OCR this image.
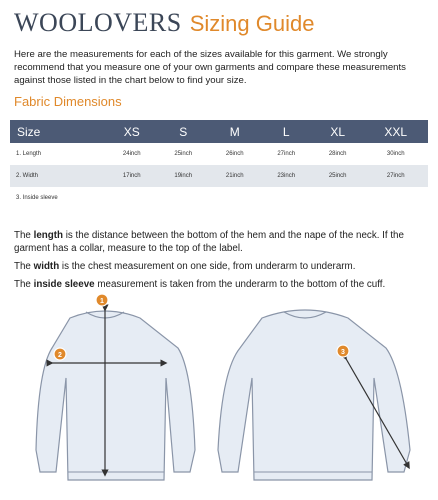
WOOLOVERS Sizing Guide
Here are the measurements for each of the sizes available for this garment. We strongly recommend that you measure one of your own garments and compare these measurements against those listed in the chart below to find your size.
Fabric Dimensions
Size	XS	S	M	L	XL	XXL
1. Length	24inch	25inch	26inch	27inch	28inch	30inch
2. Width	17inch	19inch	21inch	23inch	25inch	27inch
3. Inside sleeve						

The length is the distance between the bottom of the hem and the nape of the neck. If the garment has a collar, measure to the top of the label.

The width is the chest measurement on one side, from underarm to underarm.

The inside sleeve measurement is taken from the underarm to the bottom of the cuff.

1
2	3
